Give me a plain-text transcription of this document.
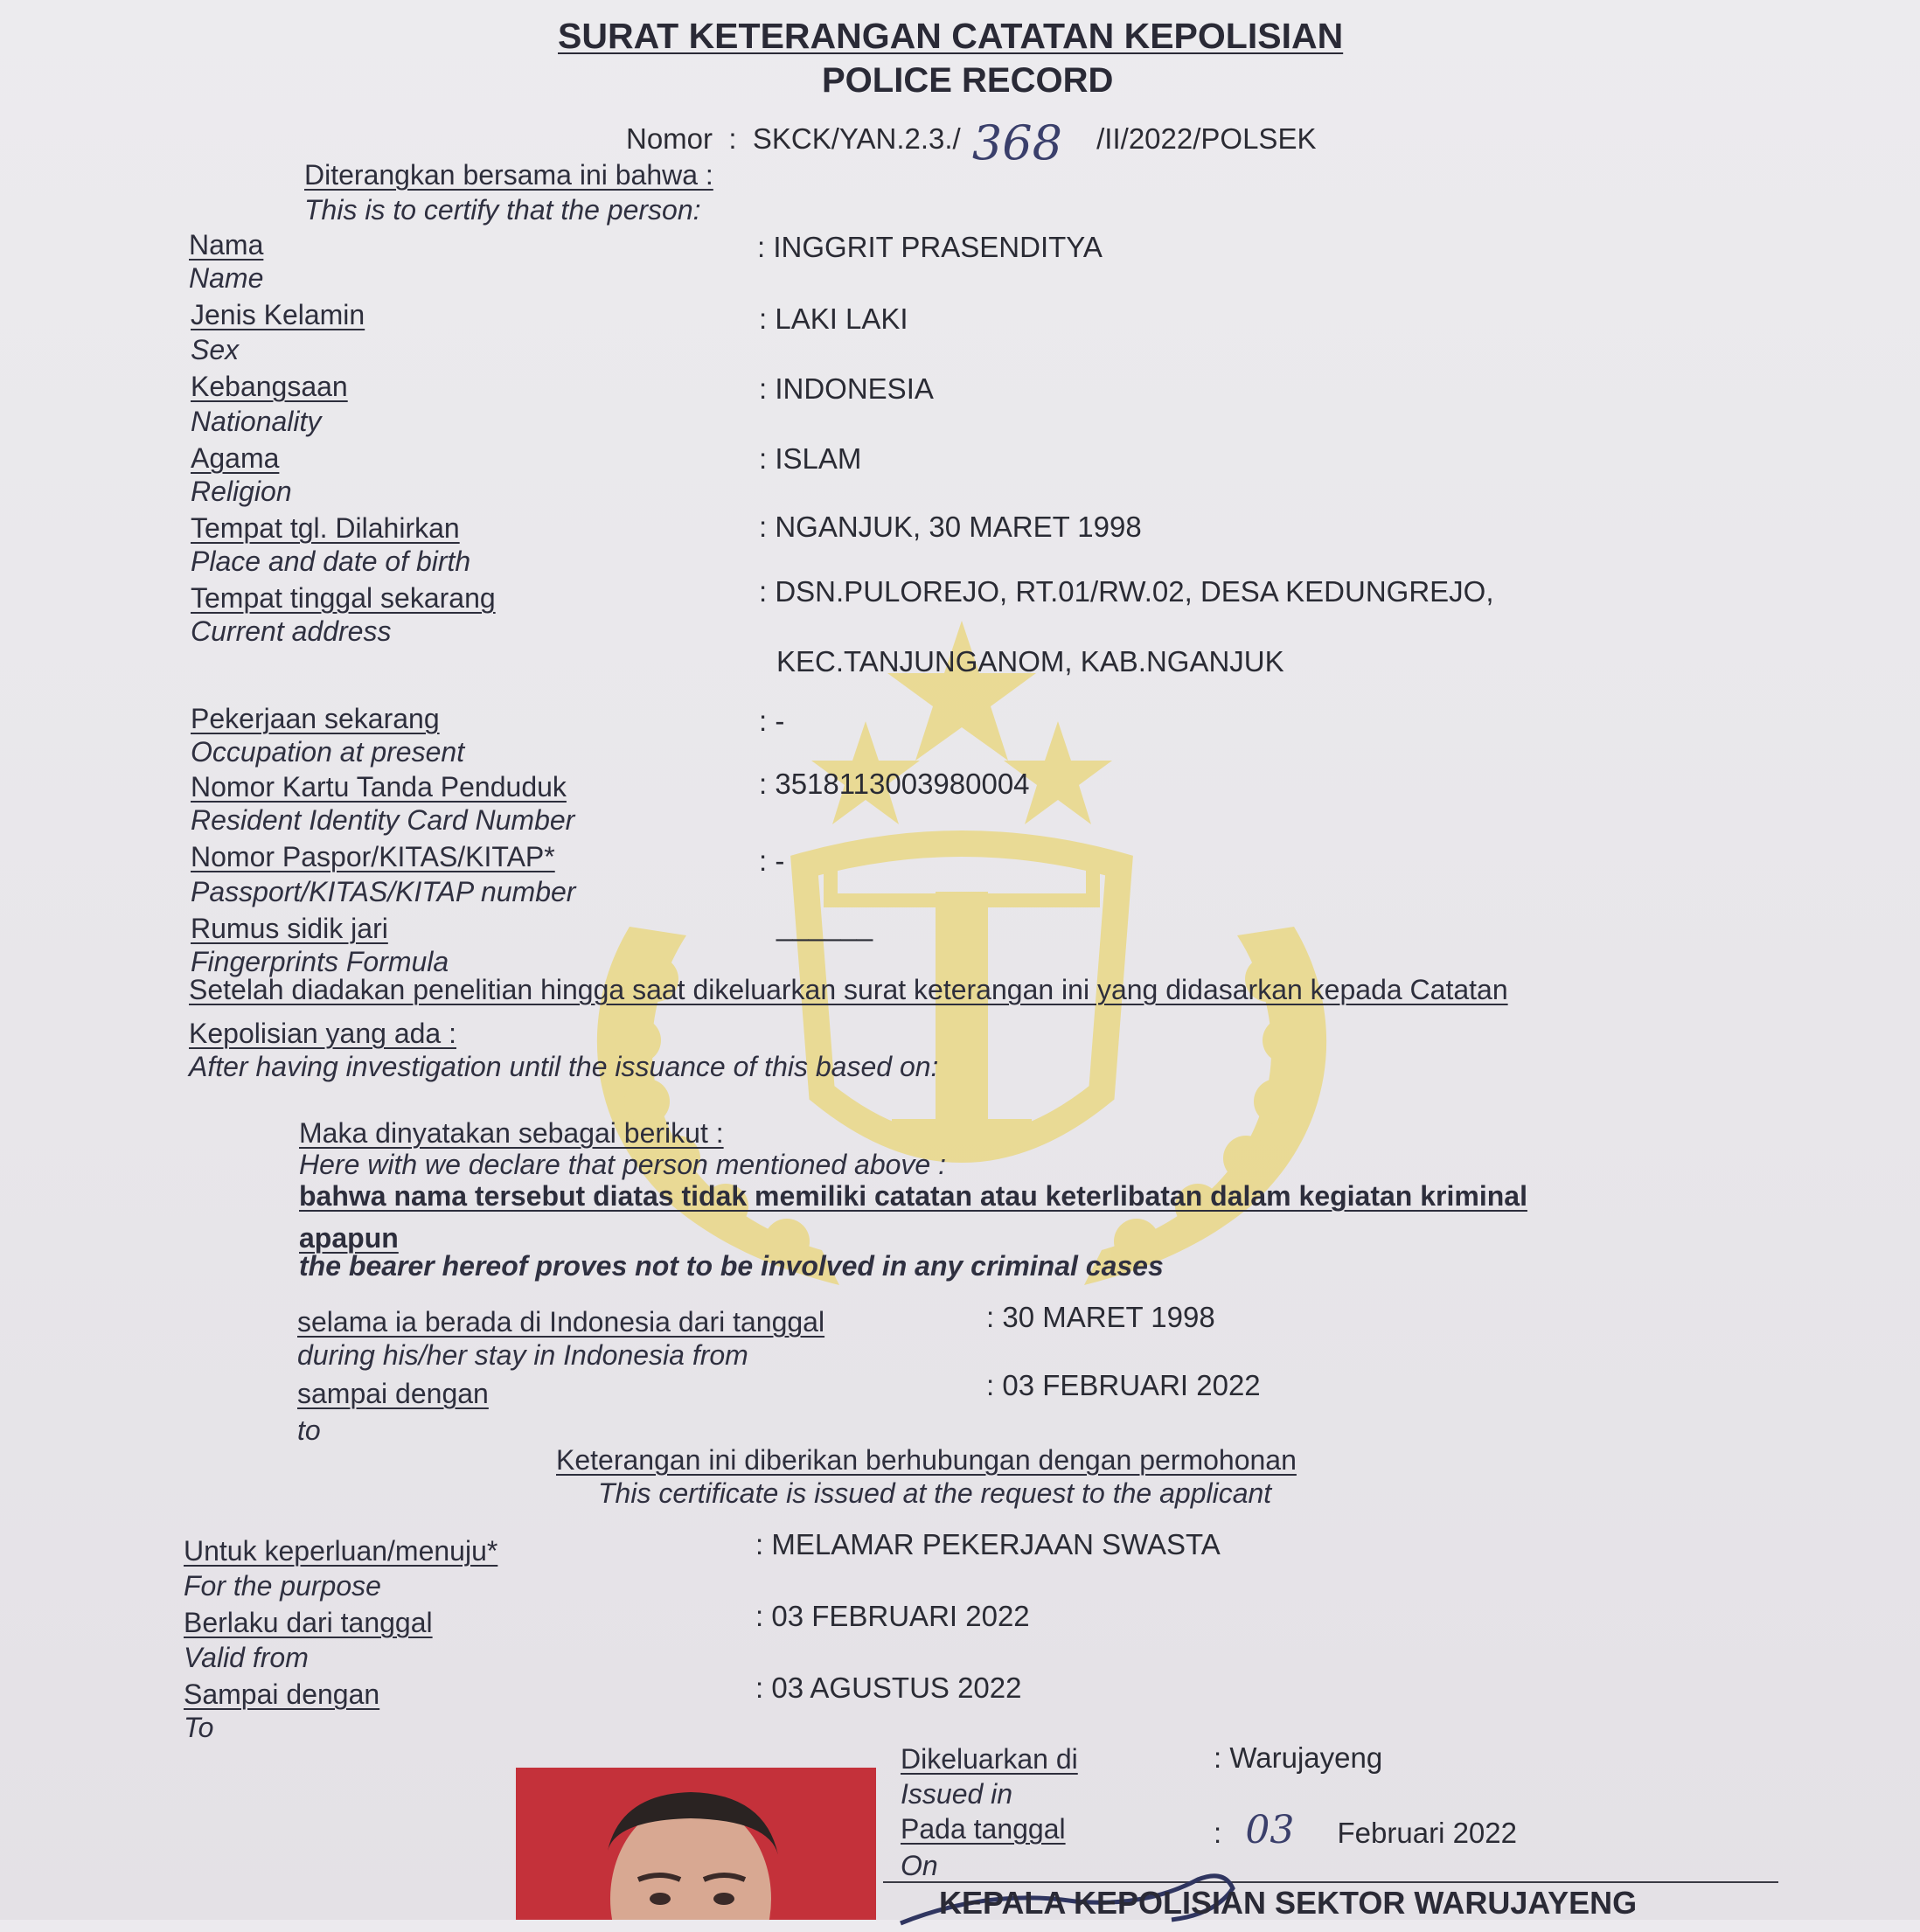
SURAT KETERANGAN CATATAN KEPOLISIAN
POLICE RECORD
Nomor  :  SKCK/YAN.2.3./ 368 /II/2022/POLSEK
Diterangkan bersama ini bahwa :
This is to certify that the person:
Nama
Name
: INGGRIT PRASENDITYA
Jenis Kelamin
Sex
: LAKI LAKI
Kebangsaan
Nationality
: INDONESIA
Agama
Religion
: ISLAM
Tempat tgl. Dilahirkan
Place and date of birth
: NGANJUK, 30 MARET 1998
Tempat tinggal sekarang
Current address
: DSN.PULOREJO, RT.01/RW.02, DESA KEDUNGREJO,
KEC.TANJUNGANOM, KAB.NGANJUK
Pekerjaan sekarang
Occupation at present
: -
Nomor Kartu Tanda Penduduk
Resident Identity Card Number
: 3518113003980004
Nomor Paspor/KITAS/KITAP*
Passport/KITAS/KITAP number
: -
Rumus sidik jari
Fingerprints Formula
______
Setelah diadakan penelitian hingga saat dikeluarkan surat keterangan ini yang didasarkan kepada Catatan
Kepolisian yang ada :
After having investigation until the issuance of this based on:
Maka dinyatakan sebagai berikut :
Here with we declare that person mentioned above :
bahwa nama tersebut diatas tidak memiliki catatan atau keterlibatan dalam kegiatan kriminal
apapun
the bearer hereof proves not to be involved in any criminal cases
selama ia berada di Indonesia dari tanggal
during his/her stay in Indonesia from
: 30 MARET 1998
sampai dengan
to
: 03 FEBRUARI 2022
Keterangan ini diberikan berhubungan dengan permohonan
This certificate is issued at the request to the applicant
Untuk keperluan/menuju*
For the purpose
: MELAMAR PEKERJAAN SWASTA
Berlaku dari tanggal
Valid from
: 03 FEBRUARI 2022
Sampai dengan
To
: 03 AGUSTUS 2022
Dikeluarkan di
Issued in
: Warujayeng
Pada tanggal
On
: 03 Februari 2022
KEPALA KEPOLISIAN SEKTOR WARUJAYENG
